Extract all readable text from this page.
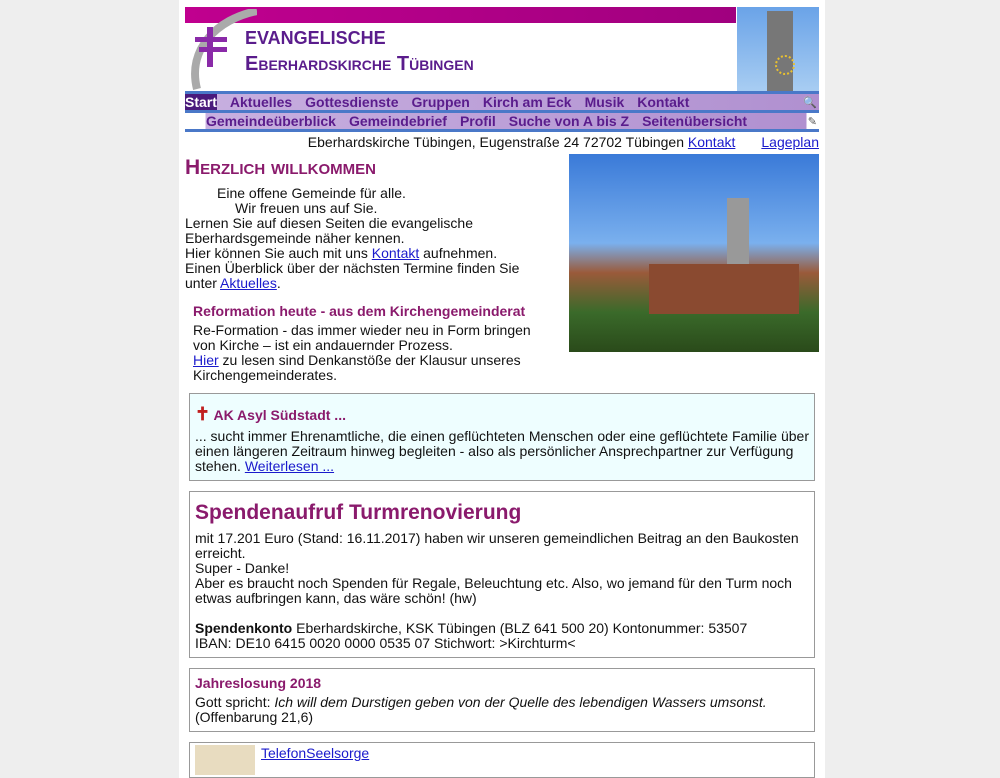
EVANGELISCHE
Eberhardskirche Tübingen
Start Aktuelles Gottesdienste Gruppen Kirch am Eck Musik Kontakt	🔍
Gemeindeüberblick Gemeindebrief Profil Suche von A bis Z Seitenübersicht	✎
Eberhardskirche Tübingen, Eugenstraße 24 72702 Tübingen Kontakt Lageplan
Herzlich willkommen

Eine offene Gemeinde für alle.

Wir freuen uns auf Sie.

Lernen Sie auf diesen Seiten die evangelische Eberhardsgemeinde näher kennen.

Hier können Sie auch mit uns Kontakt aufnehmen.

Einen Überblick über der nächsten Termine finden Sie unter Aktuelles.

Reformation heute - aus dem Kirchengemeinderat

Re-Formation - das immer wieder neu in Form bringen von Kirche – ist ein andauernder Prozess.

Hier zu lesen sind Denkanstöße der Klausur unseres Kirchengemeinderates.

✝ AK Asyl Südstadt ...

... sucht immer Ehrenamtliche, die einen geflüchteten Menschen oder eine geflüchtete Familie über einen längeren Zeitraum hinweg begleiten - also als persönlicher Ansprechpartner zur Verfügung stehen. Weiterlesen ...

Spendenaufruf Turmrenovierung

mit 17.201 Euro (Stand: 16.11.2017) haben wir unseren gemeindlichen Beitrag an den Baukosten erreicht.

Super - Danke!

Aber es braucht noch Spenden für Regale, Beleuchtung etc. Also, wo jemand für den Turm noch etwas aufbringen kann, das wäre schön! (hw)

Spendenkonto Eberhardskirche, KSK Tübingen (BLZ 641 500 20) Kontonummer: 53507

IBAN: DE10 6415 0020 0000 0535 07 Stichwort: >Kirchturm<

Jahreslosung 2018

Gott spricht: Ich will dem Durstigen geben von der Quelle des lebendigen Wassers umsonst. (Offenbarung 21,6)

TelefonSeelsorge
